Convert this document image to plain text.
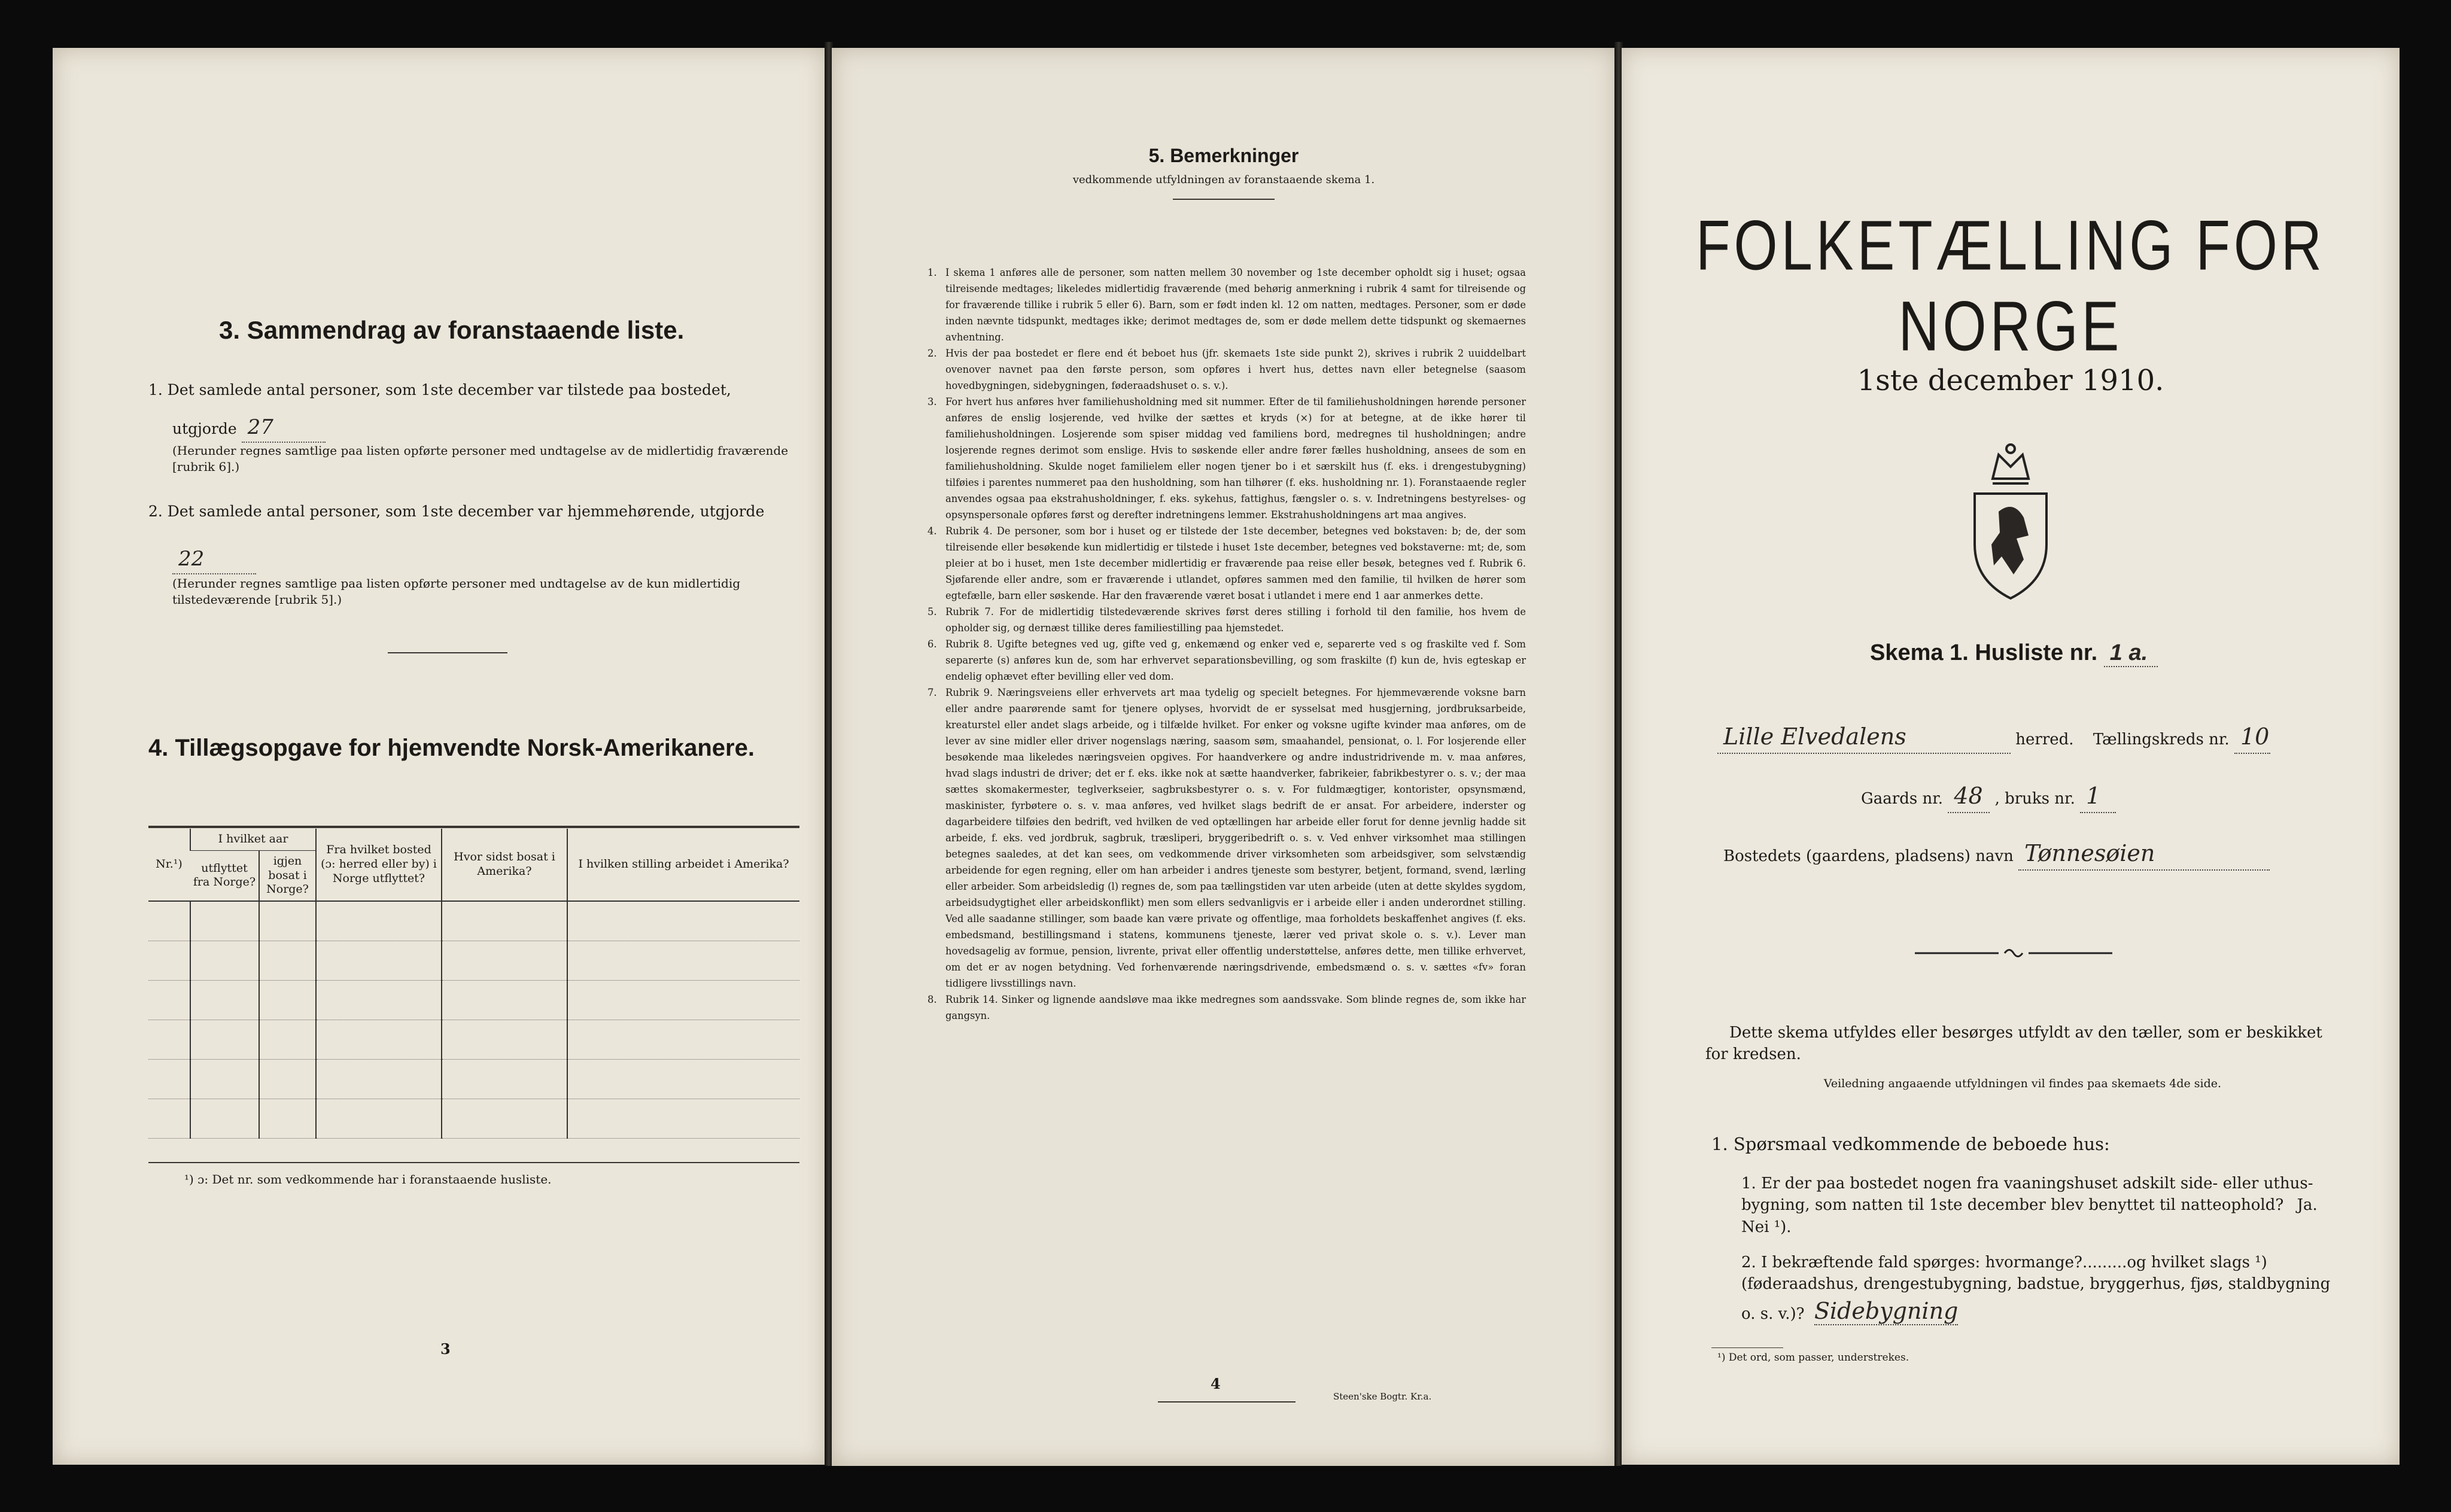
3. Sammendrag av foranstaaende liste.
1. Det samlede antal personer, som 1ste december var tilstede paa bostedet,
utgjorde 27
(Herunder regnes samtlige paa listen opførte personer med undtagelse av de midlertidig fraværende [rubrik 6].)
2. Det samlede antal personer, som 1ste december var hjemmehørende, utgjorde
22
(Herunder regnes samtlige paa listen opførte personer med undtagelse av de kun midlertidig tilstedeværende [rubrik 5].)
4. Tillægsopgave for hjemvendte Norsk-Amerikanere.
Nr.¹)	I hvilket aar		Fra hvilket bosted (ɔ: herred eller by) i Norge utflyttet?	Hvor sidst bosat i Amerika?	I hvilken stilling arbeidet i Amerika?
	utflyttet fra Norge?	igjen bosat i Norge?			

¹) ɔ: Det nr. som vedkommende har i foranstaaende husliste.
3
5. Bemerkninger
vedkommende utfyldningen av foranstaaende skema 1.

1. I skema 1 anføres alle de personer, som natten mellem 30 november og 1ste december opholdt sig i huset; ogsaa tilreisende medtages; likeledes midlertidig fraværende (med behørig anmerkning i rubrik 4 samt for tilreisende og for fraværende tillike i rubrik 5 eller 6). Barn, som er født inden kl. 12 om natten, medtages. Personer, som er døde inden nævnte tidspunkt, medtages ikke; derimot medtages de, som er døde mellem dette tidspunkt og skemaernes avhentning.

2. Hvis der paa bostedet er flere end ét beboet hus (jfr. skemaets 1ste side punkt 2), skrives i rubrik 2 uuiddelbart ovenover navnet paa den første person, som opføres i hvert hus, dettes navn eller betegnelse (saasom hovedbygningen, sidebygningen, føderaadshuset o. s. v.).

3. For hvert hus anføres hver familiehusholdning med sit nummer. Efter de til familiehusholdningen hørende personer anføres de enslig losjerende, ved hvilke der sættes et kryds (×) for at betegne, at de ikke hører til familiehusholdningen. Losjerende som spiser middag ved familiens bord, medregnes til husholdningen; andre losjerende regnes derimot som enslige. Hvis to søskende eller andre fører fælles husholdning, ansees de som en familiehusholdning. Skulde noget familielem eller nogen tjener bo i et særskilt hus (f. eks. i drengestubygning) tilføies i parentes nummeret paa den husholdning, som han tilhører (f. eks. husholdning nr. 1). Foranstaaende regler anvendes ogsaa paa ekstrahusholdninger, f. eks. sykehus, fattighus, fængsler o. s. v. Indretningens bestyrelses- og opsynspersonale opføres først og derefter indretningens lemmer. Ekstrahusholdningens art maa angives.

4. Rubrik 4. De personer, som bor i huset og er tilstede der 1ste december, betegnes ved bokstaven: b; de, der som tilreisende eller besøkende kun midlertidig er tilstede i huset 1ste december, betegnes ved bokstaverne: mt; de, som pleier at bo i huset, men 1ste december midlertidig er fraværende paa reise eller besøk, betegnes ved f. Rubrik 6. Sjøfarende eller andre, som er fraværende i utlandet, opføres sammen med den familie, til hvilken de hører som egtefælle, barn eller søskende. Har den fraværende været bosat i utlandet i mere end 1 aar anmerkes dette.

5. Rubrik 7. For de midlertidig tilstedeværende skrives først deres stilling i forhold til den familie, hos hvem de opholder sig, og dernæst tillike deres familiestilling paa hjemstedet.

6. Rubrik 8. Ugifte betegnes ved ug, gifte ved g, enkemænd og enker ved e, separerte ved s og fraskilte ved f. Som separerte (s) anføres kun de, som har erhvervet separationsbevilling, og som fraskilte (f) kun de, hvis egteskap er endelig ophævet efter bevilling eller ved dom.

7. Rubrik 9. Næringsveiens eller erhvervets art maa tydelig og specielt betegnes. For hjemmeværende voksne barn eller andre paarørende samt for tjenere oplyses, hvorvidt de er sysselsat med husgjerning, jordbruksarbeide, kreaturstel eller andet slags arbeide, og i tilfælde hvilket. For enker og voksne ugifte kvinder maa anføres, om de lever av sine midler eller driver nogenslags næring, saasom søm, smaahandel, pensionat, o. l. For losjerende eller besøkende maa likeledes næringsveien opgives. For haandverkere og andre industridrivende m. v. maa anføres, hvad slags industri de driver; det er f. eks. ikke nok at sætte haandverker, fabrikeier, fabrikbestyrer o. s. v.; der maa sættes skomakermester, teglverkseier, sagbruksbestyrer o. s. v. For fuldmægtiger, kontorister, opsynsmænd, maskinister, fyrbøtere o. s. v. maa anføres, ved hvilket slags bedrift de er ansat. For arbeidere, inderster og dagarbeidere tilføies den bedrift, ved hvilken de ved optællingen har arbeide eller forut for denne jevnlig hadde sit arbeide, f. eks. ved jordbruk, sagbruk, træsliperi, bryggeribedrift o. s. v. Ved enhver virksomhet maa stillingen betegnes saaledes, at det kan sees, om vedkommende driver virksomheten som arbeidsgiver, som selvstændig arbeidende for egen regning, eller om han arbeider i andres tjeneste som bestyrer, betjent, formand, svend, lærling eller arbeider. Som arbeidsledig (l) regnes de, som paa tællingstiden var uten arbeide (uten at dette skyldes sygdom, arbeidsudygtighet eller arbeidskonflikt) men som ellers sedvanligvis er i arbeide eller i anden underordnet stilling. Ved alle saadanne stillinger, som baade kan være private og offentlige, maa forholdets beskaffenhet angives (f. eks. embedsmand, bestillingsmand i statens, kommunens tjeneste, lærer ved privat skole o. s. v.). Lever man hovedsagelig av formue, pension, livrente, privat eller offentlig understøttelse, anføres dette, men tillike erhvervet, om det er av nogen betydning. Ved forhenværende næringsdrivende, embedsmænd o. s. v. sættes «fv» foran tidligere livsstillings navn.

8. Rubrik 14. Sinker og lignende aandsløve maa ikke medregnes som aandssvake. Som blinde regnes de, som ikke har gangsyn.

4
Steen'ske Bogtr. Kr.a.
FOLKETÆLLING FOR NORGE
1ste december 1910.
Skema 1. Husliste nr. 1 a.
Lille Elvedalens	herred. Tællingskreds nr. 10
Gaards nr. 48 , bruks nr. 1
Bostedets (gaardens, pladsens) navn Tønnesøien
Dette skema utfyldes eller besørges utfyldt av den tæller, som er beskikket for kredsen.
Veiledning angaaende utfyldningen vil findes paa skemaets 4de side.
1. Spørsmaal vedkommende de beboede hus:
1. Er der paa bostedet nogen fra vaaningshuset adskilt side- eller uthus-bygning, som natten til 1ste december blev benyttet til natteophold? Ja. Nei ¹).
2. I bekræftende fald spørges: hvormange?.........og hvilket slags ¹) (føderaadshus, drengestubygning, badstue, bryggerhus, fjøs, staldbygning o. s. v.)? Sidebygning
¹) Det ord, som passer, understrekes.
